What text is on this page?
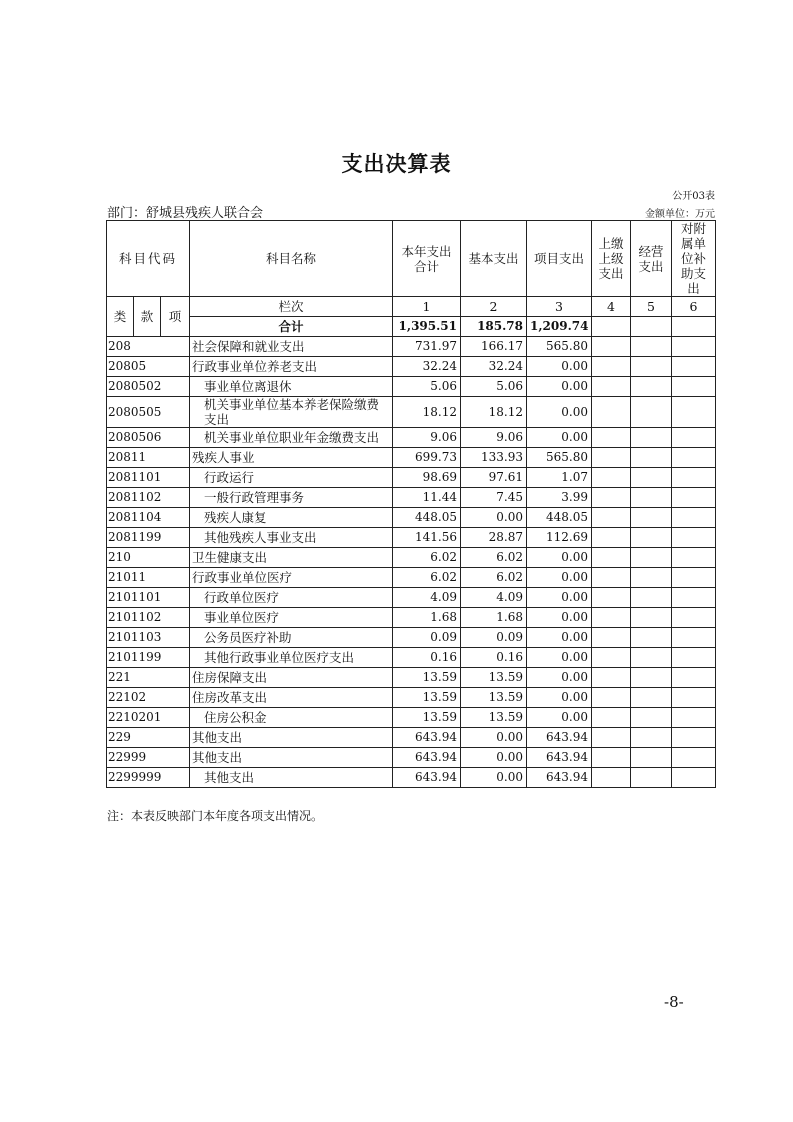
支出决算表
公开03表
部门：舒城县残疾人联合会	金额单位：万元
科目代码			科目名称	本年支出合计	基本支出	项目支出	上缴上级支出	经营支出	对附属单位补助支出
类	款	项	栏次	1	2	3	4	5	6
			合计	1,395.51	185.78	1,209.74			
208			社会保障和就业支出	731.97	166.17	565.80			
20805			行政事业单位养老支出	32.24	32.24	0.00			
2080502			事业单位离退休	5.06	5.06	0.00			
2080505			机关事业单位基本养老保险缴费支出	18.12	18.12	0.00			
2080506			机关事业单位职业年金缴费支出	9.06	9.06	0.00			
20811			残疾人事业	699.73	133.93	565.80			
2081101			行政运行	98.69	97.61	1.07			
2081102			一般行政管理事务	11.44	7.45	3.99			
2081104			残疾人康复	448.05	0.00	448.05			
2081199			其他残疾人事业支出	141.56	28.87	112.69			
210			卫生健康支出	6.02	6.02	0.00			
21011			行政事业单位医疗	6.02	6.02	0.00			
2101101			行政单位医疗	4.09	4.09	0.00			
2101102			事业单位医疗	1.68	1.68	0.00			
2101103			公务员医疗补助	0.09	0.09	0.00			
2101199			其他行政事业单位医疗支出	0.16	0.16	0.00			
221			住房保障支出	13.59	13.59	0.00			
22102			住房改革支出	13.59	13.59	0.00			
2210201			住房公积金	13.59	13.59	0.00			
229			其他支出	643.94	0.00	643.94			
22999			其他支出	643.94	0.00	643.94			
2299999			其他支出	643.94	0.00	643.94			
注：本表反映部门本年度各项支出情况。
-8-
